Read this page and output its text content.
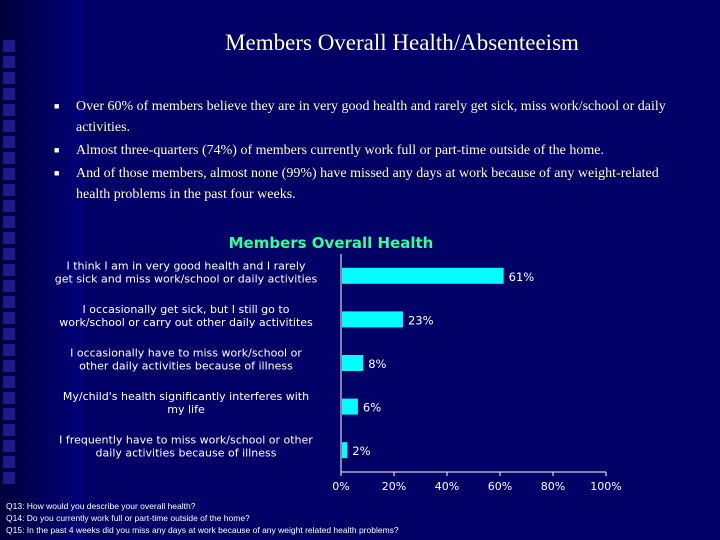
Members Overall Health/Absenteeism
■	Over 60% of members believe they are in very good health and rarely get sick, miss work/school or daily activities.
■	Almost three-quarters (74%) of members currently work full or part-time outside of the home.
■	And of those members, almost none (99%) have missed any days at work because of any weight-related health problems in the past four weeks.
Members Overall Health
0%	20%	40%	60%	80% 100%
61%
I think I am in very good health and I rarely get sick and miss work/school or daily activities
23%
I occasionally get sick, but I still go to work/school or carry out other daily activitites
8%
I occasionally have to miss work/school or other daily activities because of illness
6%
My/child's health significantly interferes with my life
2%
I frequently have to miss work/school or other daily activities because of illness
Q13: How would you describe your overall health?
Q14: Do you currently work full or part-time outside of the home?
Q15: In the past 4 weeks did you miss any days at work because of any weight related health problems?
